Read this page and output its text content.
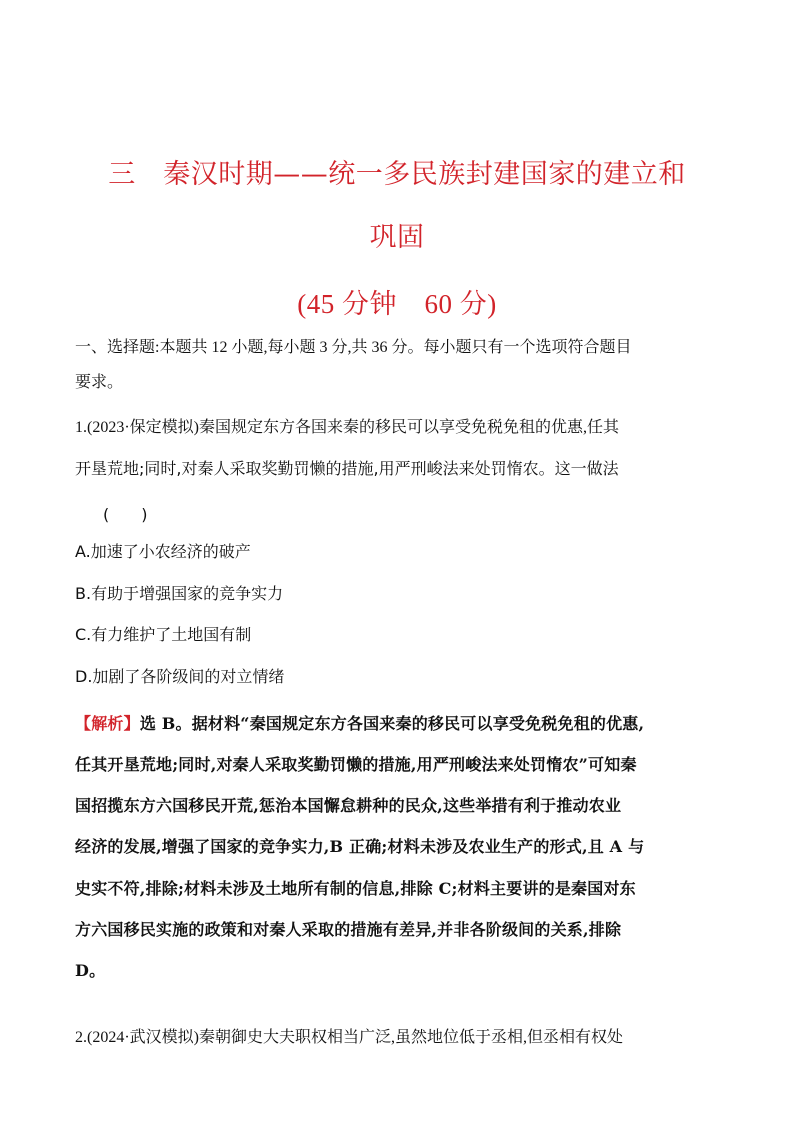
三　秦汉时期——统一多民族封建国家的建立和
巩固
(45 分钟　60 分)
一、选择题:本题共 12 小题,每小题 3 分,共 36 分。每小题只有一个选项符合题目
要求。
1.(2023·保定模拟)秦国规定东方各国来秦的移民可以享受免税免租的优惠,任其
开垦荒地;同时,对秦人采取奖勤罚懒的措施,用严刑峻法来处罚惰农。这一做法
(　　)
A.加速了小农经济的破产
B.有助于增强国家的竞争实力
C.有力维护了土地国有制
D.加剧了各阶级间的对立情绪
【解析】选 B。据材料“秦国规定东方各国来秦的移民可以享受免税免租的优惠,
任其开垦荒地;同时,对秦人采取奖勤罚懒的措施,用严刑峻法来处罚惰农”可知秦
国招揽东方六国移民开荒,惩治本国懈怠耕种的民众,这些举措有利于推动农业
经济的发展,增强了国家的竞争实力,B 正确;材料未涉及农业生产的形式,且 A 与
史实不符,排除;材料未涉及土地所有制的信息,排除 C;材料主要讲的是秦国对东
方六国移民实施的政策和对秦人采取的措施有差异,并非各阶级间的关系,排除
D。
2.(2024·武汉模拟)秦朝御史大夫职权相当广泛,虽然地位低于丞相,但丞相有权处
